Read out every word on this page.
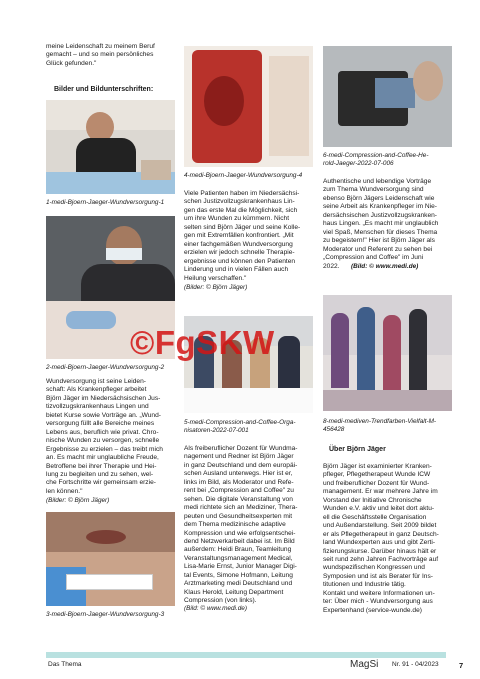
meine Leidenschaft zu meinem Beruf
gemacht – und so mein persönliches
Glück gefunden."

Bilder und Bildunterschriften:

1-medi-Bjoern-Jaeger-Wundversorgung-1

2-medi-Bjoern-Jaeger-Wundversorgung-2

Wundversorgung ist seine Leiden-
schaft: Als Krankenpfleger arbeitet
Björn Jäger im Niedersächsischen Jus-
tizvollzugskrankenhaus Lingen und
bietet Kurse sowie Vorträge an. „Wund-
versorgung füllt alle Bereiche meines
Lebens aus, beruflich wie privat. Chro-
nische Wunden zu versorgen, schnelle
Ergebnisse zu erzielen – das treibt mich
an. Es macht mir unglaubliche Freude,
Betroffene bei ihrer Therapie und Hei-
lung zu begleiten und zu sehen, wel-
che Fortschritte wir gemeinsam erzie-
len können."

(Bilder: © Björn Jäger)

3-medi-Bjoern-Jaeger-Wundversorgung-3

4-medi-Bjoern-Jaeger-Wundversorgung-4

Viele Patienten haben im Niedersächsi-
schen Justizvollzugskrankenhaus Lin-
gen das erste Mal die Möglichkeit, sich
um ihre Wunden zu kümmern. Nicht
selten sind Björn Jäger und seine Kolle-
gen mit Extremfällen konfrontiert. „Mit
einer fachgemäßen Wundversorgung
erzielen wir jedoch schnelle Therapie-
ergebnisse und können den Patienten
Linderung und in vielen Fällen auch
Heilung verschaffen."

(Bilder: © Björn Jäger)

5-medi-Compression-and-Coffee-Orga-
nisatoren-2022-07-001

Als freiberuflicher Dozent für Wundma-
nagement und Redner ist Björn Jäger
in ganz Deutschland und dem europäi-
schen Ausland unterwegs. Hier ist er,
links im Bild, als Moderator und Refe-
rent bei „Compression and Coffee" zu
sehen. Die digitale Veranstaltung von
medi richtete sich an Mediziner, Thera-
peuten und Gesundheitsexperten mit
dem Thema medizinische adaptive
Kompression und wie erfolgsentschei-
dend Netzwerkarbeit dabei ist. Im Bild
außerdem: Heidi Braun, Teamleitung
Veranstaltungsmanagement Medical,
Lisa-Marie Ernst, Junior Manager Digi-
tal Events, Simone Hofmann, Leitung
Arztmarketing medi Deutschland und
Klaus Herold, Leitung Department
Compression (von links).

(Bild: © www.medi.de)

6-medi-Compression-and-Coffee-He-
rold-Jaeger-2022-07-006

Authentische und lebendige Vorträge
zum Thema Wundversorgung sind
ebenso Björn Jägers Leidenschaft wie
seine Arbeit als Krankenpfleger im Nie-
dersächsischen Justizvollzugskranken-
haus Lingen. „Es macht mir unglaublich
viel Spaß, Menschen für dieses Thema
zu begeistern!" Hier ist Björn Jäger als
Moderator und Referent zu sehen bei
„Compression and Coffee" im Juni
2022.	(Bild: © www.medi.de)

8-medi-mediven-Trendfarben-Vielfalt-M-
456428

Über Björn Jäger

Björn Jäger ist examinierter Kranken-
pfleger, Pflegetherapeut Wunde ICW
und freiberuflicher Dozent für Wund-
management. Er war mehrere Jahre im
Vorstand der Initiative Chronische
Wunden e.V. aktiv und leitet dort aktu-
ell die Geschäftsstelle Organisation
und Außendarstellung. Seit 2009 bildet
er als Pflegetherapeut in ganz Deutsch-
land Wundexperten aus und gibt Zerti-
fizierungskurse. Darüber hinaus hält er
seit rund zehn Jahren Fachvorträge auf
wundspezifischen Kongressen und
Symposien und ist als Berater für Ins-
titutionen und Industrie tätig.
Kontakt und weitere Informationen un-
ter: Über mich - Wundversorgung aus
Expertenhand (service-wunde.de)

©FgSKW
Das Thema	MagSi Nr. 91 - 04/2023	7
